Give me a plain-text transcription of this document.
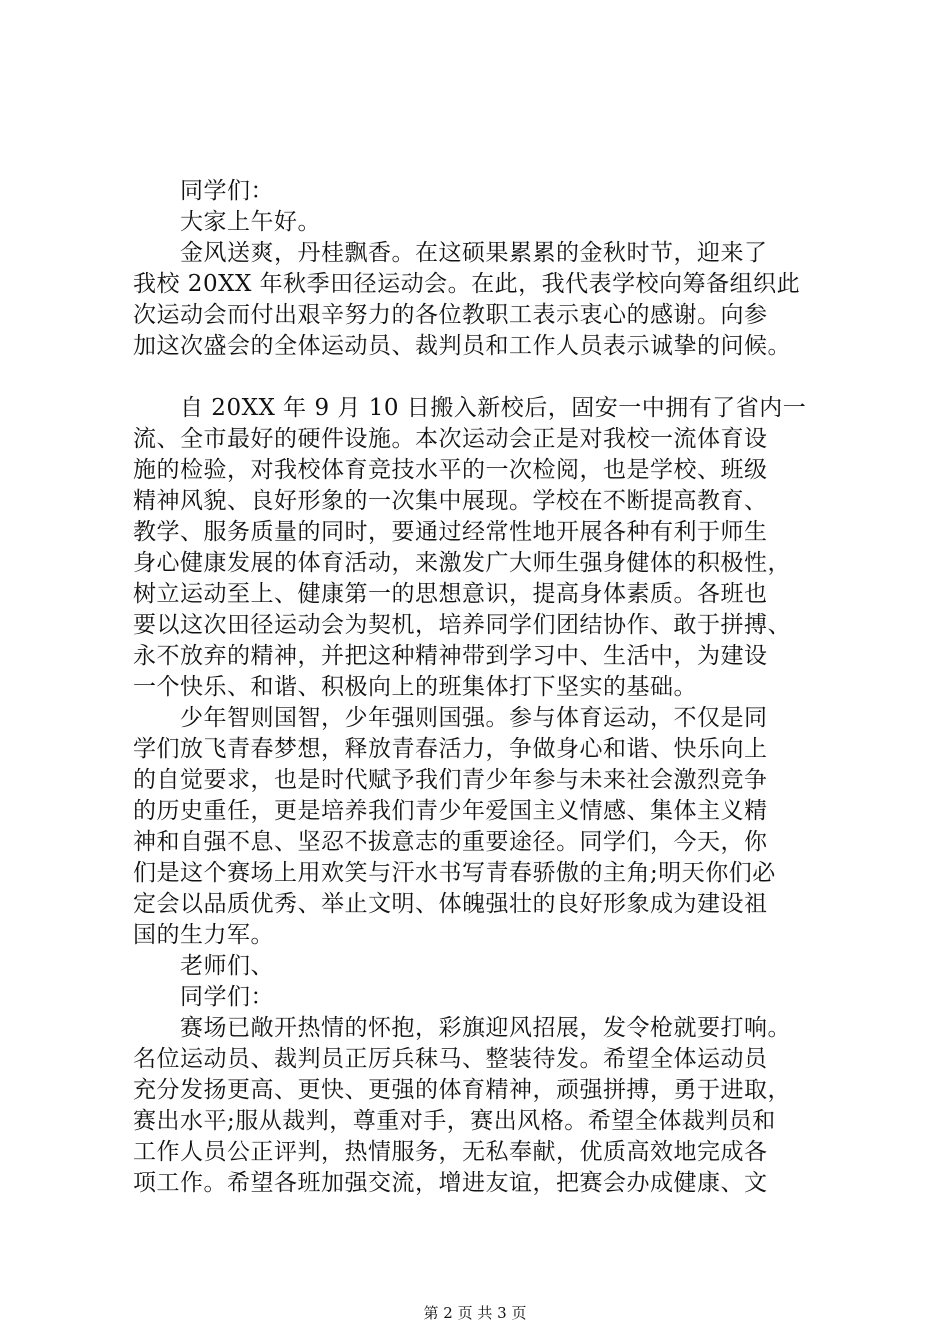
同学们：
大家上午好。
金风送爽，丹桂飘香。在这硕果累累的金秋时节，迎来了
我校 20XX 年秋季田径运动会。在此，我代表学校向筹备组织此
次运动会而付出艰辛努力的各位教职工表示衷心的感谢。向参
加这次盛会的全体运动员、裁判员和工作人员表示诚挚的问候。
自 20XX 年 9 月 10 日搬入新校后，固安一中拥有了省内一
流、全市最好的硬件设施。本次运动会正是对我校一流体育设
施的检验，对我校体育竞技水平的一次检阅，也是学校、班级
精神风貌、良好形象的一次集中展现。学校在不断提高教育、
教学、服务质量的同时，要通过经常性地开展各种有利于师生
身心健康发展的体育活动，来激发广大师生强身健体的积极性，
树立运动至上、健康第一的思想意识，提高身体素质。各班也
要以这次田径运动会为契机，培养同学们团结协作、敢于拼搏、
永不放弃的精神，并把这种精神带到学习中、生活中，为建设
一个快乐、和谐、积极向上的班集体打下坚实的基础。
少年智则国智，少年强则国强。参与体育运动，不仅是同
学们放飞青春梦想，释放青春活力，争做身心和谐、快乐向上
的自觉要求，也是时代赋予我们青少年参与未来社会激烈竞争
的历史重任，更是培养我们青少年爱国主义情感、集体主义精
神和自强不息、坚忍不拔意志的重要途径。同学们，今天，你
们是这个赛场上用欢笑与汗水书写青春骄傲的主角;明天你们必
定会以品质优秀、举止文明、体魄强壮的良好形象成为建设祖
国的生力军。
老师们、
同学们：
赛场已敞开热情的怀抱，彩旗迎风招展，发令枪就要打响。
名位运动员、裁判员正厉兵秣马、整装待发。希望全体运动员
充分发扬更高、更快、更强的体育精神，顽强拼搏，勇于进取，
赛出水平;服从裁判，尊重对手，赛出风格。希望全体裁判员和
工作人员公正评判，热情服务，无私奉献，优质高效地完成各
项工作。希望各班加强交流，增进友谊，把赛会办成健康、文
第 2 页 共 3 页
